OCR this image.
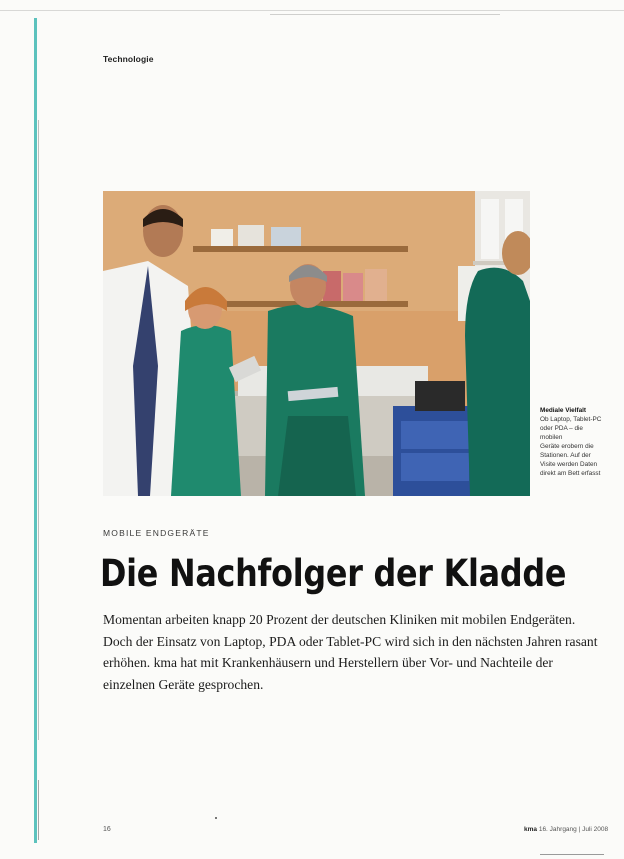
Technologie
Mediale Vielfalt
Ob Laptop, Tablet-PC
oder PDA – die mobilen
Geräte erobern die
Stationen. Auf der
Visite werden Daten
direkt am Bett erfasst
MOBILE ENDGERÄTE
Die Nachfolger der Kladde
Momentan arbeiten knapp 20 Prozent der deutschen Kliniken mit mobilen Endgeräten. Doch der Einsatz von Laptop, PDA oder Tablet-PC wird sich in den nächsten Jahren rasant erhöhen. kma hat mit Krankenhäusern und Herstellern über Vor- und Nachteile der einzelnen Geräte gesprochen.
16	kma 16. Jahrgang | Juli 2008
